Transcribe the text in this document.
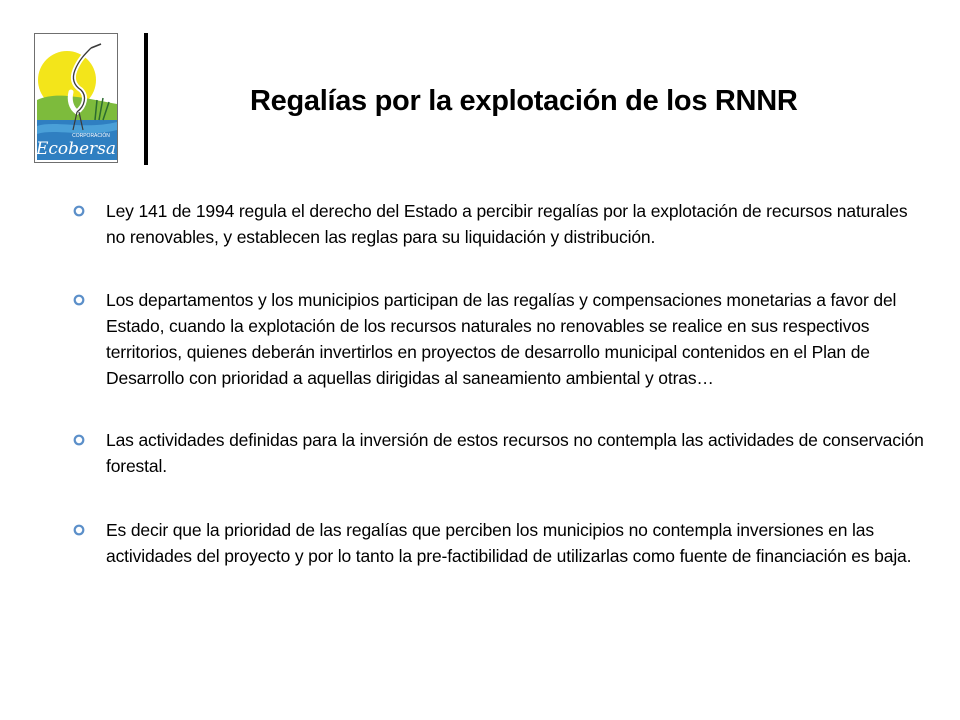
CORPORACIÓN
Ecobersa
Regalías por la explotación de los RNNR
Ley 141 de 1994 regula el derecho del Estado a percibir regalías por la explotación de recursos naturales no renovables, y establecen las reglas para su liquidación y distribución.
Los departamentos y los municipios participan de las regalías y compensaciones monetarias a favor del Estado, cuando la explotación de los recursos naturales no renovables se realice en sus respectivos territorios, quienes deberán invertirlos en proyectos de desarrollo municipal contenidos en el Plan de Desarrollo con prioridad a aquellas dirigidas al saneamiento ambiental y otras…
Las actividades definidas para la inversión de estos recursos no contempla las actividades de conservación forestal.
Es decir que la prioridad de las regalías que perciben los municipios no contempla inversiones en las actividades del proyecto y por lo tanto la pre-factibilidad de utilizarlas como fuente de financiación es baja.
